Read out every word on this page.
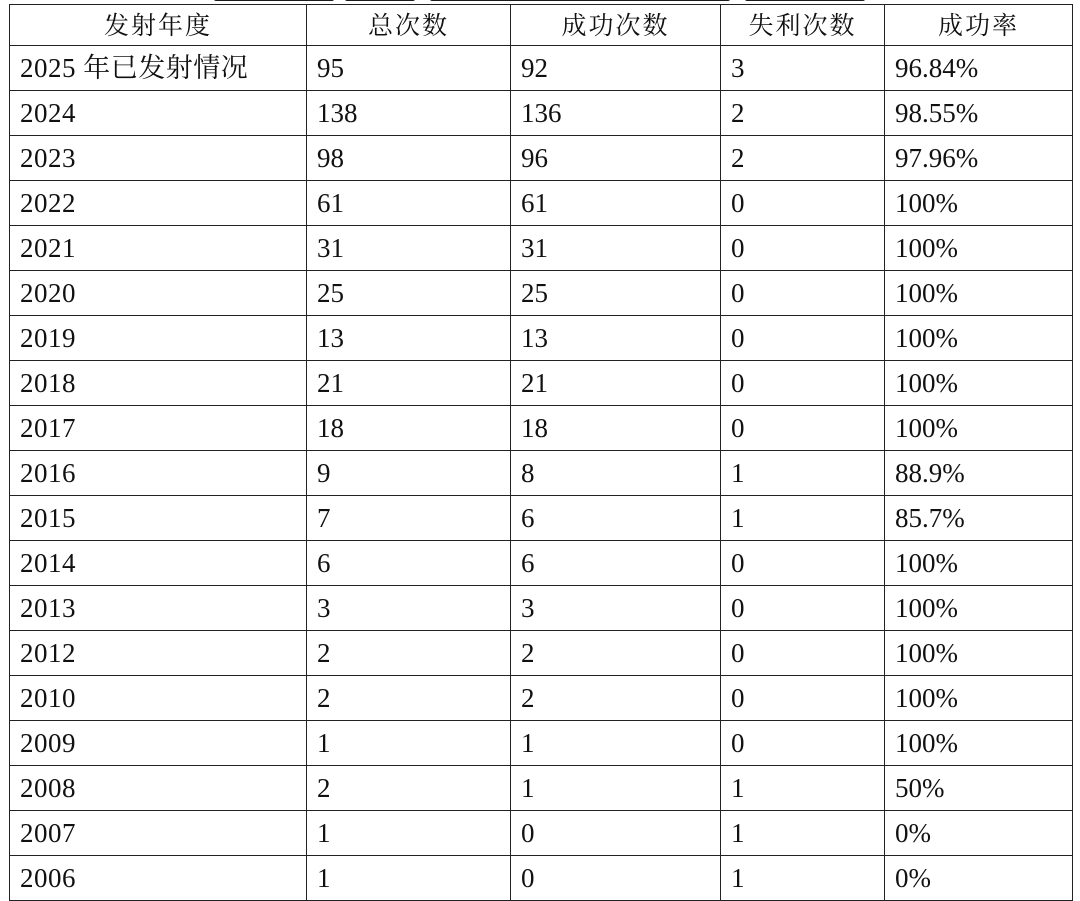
发射年度	总次数	成功次数	失利次数	成功率
2025 年已发射情况	95	92	3	96.84%
2024	138	136	2	98.55%
2023	98	96	2	97.96%
2022	61	61	0	100%
2021	31	31	0	100%
2020	25	25	0	100%
2019	13	13	0	100%
2018	21	21	0	100%
2017	18	18	0	100%
2016	9	8	1	88.9%
2015	7	6	1	85.7%
2014	6	6	0	100%
2013	3	3	0	100%
2012	2	2	0	100%
2010	2	2	0	100%
2009	1	1	0	100%
2008	2	1	1	50%
2007	1	0	1	0%
2006	1	0	1	0%
